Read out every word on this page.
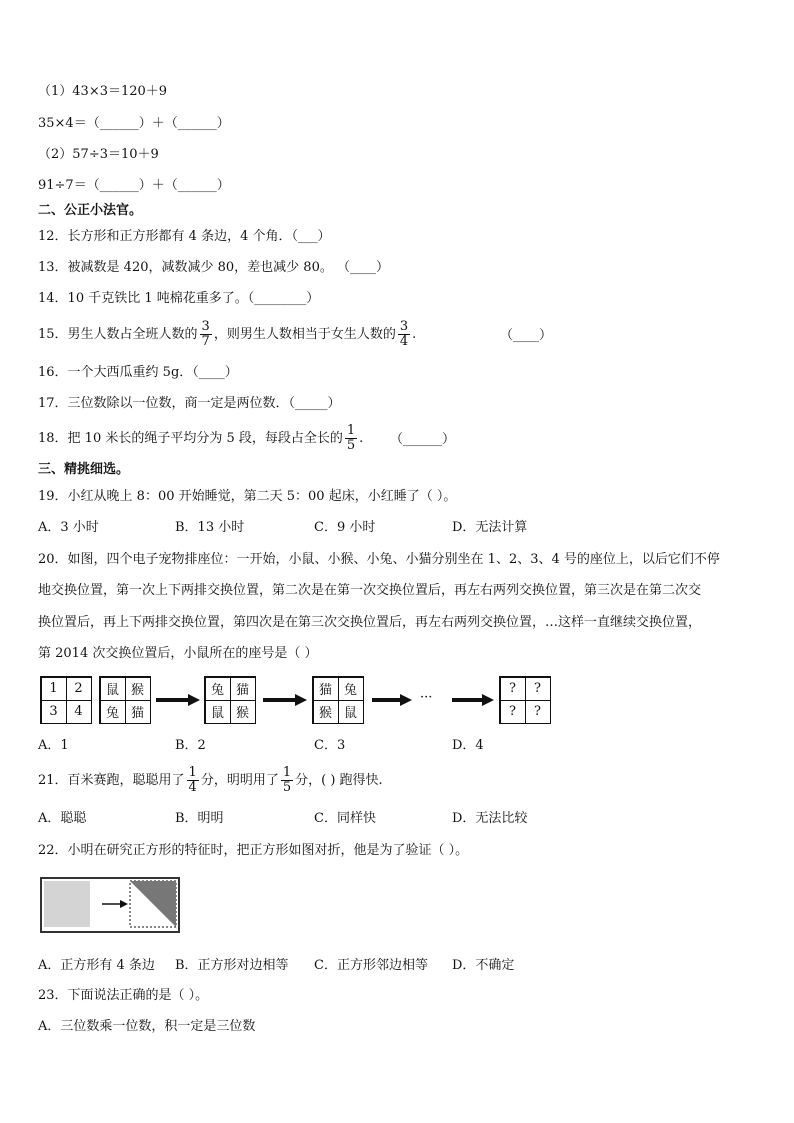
（1）43×3＝120＋9
35×4＝（______）＋（______）
（2）57÷3＝10＋9
91÷7＝（______）＋（______）
二、公正小法官。
12．长方形和正方形都有 4 条边，4 个角．（___）
13．被减数是 420，减数减少 80，差也减少 80。 （____）
14．10 千克铁比 1 吨棉花重多了。（________）
15．男生人数占全班人数的 $\frac{3}{7}$ ，则男生人数相当于女生人数的 $\frac{3}{4}$ .	（____）
16．一个大西瓜重约 5g．（____）
17．三位数除以一位数，商一定是两位数．（_____）
18．把 10 米长的绳子平均分为 5 段，每段占全长的 $\frac{1}{5}$ . （______）
三、精挑细选。
19．小红从晚上 8：00 开始睡觉，第二天 5：00 起床，小红睡了（ ）。
A．3 小时	B．13 小时	C．9 小时	D．无法计算
20．如图，四个电子宠物排座位：一开始，小鼠、小猴、小兔、小猫分别坐在 1、2、3、4 号的座位上，以后它们不停
地交换位置，第一次上下两排交换位置，第二次是在第一次交换位置后，再左右两列交换位置，第三次是在第二次交
换位置后，再上下两排交换位置，第四次是在第三次交换位置后，再左右两列交换位置，…这样一直继续交换位置，
第 2014 次交换位置后，小鼠所在的座号是（ ）
1	2
3	4
鼠 猴
兔 猫
兔 猫
鼠 猴
猫 兔
猴 鼠
···
?	?
?	?
A．1	B．2	C．3	D．4
21．百米赛跑，聪聪用了 $\frac{1}{4}$ 分，明明用了 $\frac{1}{5}$ 分，( ) 跑得快.
A．聪聪	B．明明	C．同样快	D．无法比较
22．小明在研究正方形的特征时，把正方形如图对折，他是为了验证（ ）。
A．正方形有 4 条边 B．正方形对边相等 C．正方形邻边相等 D．不确定
23．下面说法正确的是（ ）。
A．三位数乘一位数，积一定是三位数
